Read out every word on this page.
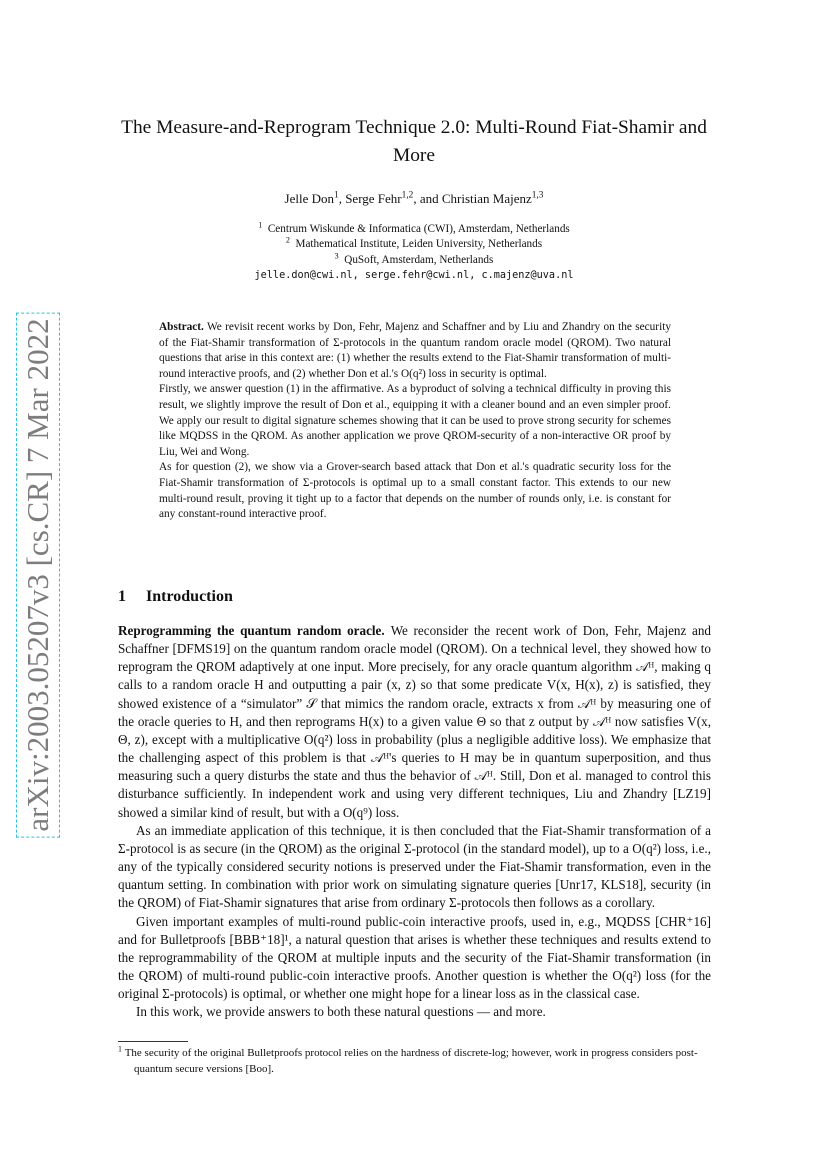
arXiv:2003.05207v3 [cs.CR] 7 Mar 2022
The Measure-and-Reprogram Technique 2.0: Multi-Round Fiat-Shamir and More
Jelle Don$^1$, Serge Fehr$^{1,2}$, and Christian Majenz$^{1,3}$
$^1$ Centrum Wiskunde & Informatica (CWI), Amsterdam, Netherlands
$^2$ Mathematical Institute, Leiden University, Netherlands
$^3$ QuSoft, Amsterdam, Netherlands
jelle.don@cwi.nl, serge.fehr@cwi.nl, c.majenz@uva.nl

Abstract. We revisit recent works by Don, Fehr, Majenz and Schaffner and by Liu and Zhandry on the security of the Fiat-Shamir transformation of Σ-protocols in the quantum random oracle model (QROM). Two natural questions that arise in this context are: (1) whether the results extend to the Fiat-Shamir transformation of multi-round interactive proofs, and (2) whether Don et al.'s O(q²) loss in security is optimal.

Firstly, we answer question (1) in the affirmative. As a byproduct of solving a technical difficulty in proving this result, we slightly improve the result of Don et al., equipping it with a cleaner bound and an even simpler proof. We apply our result to digital signature schemes showing that it can be used to prove strong security for schemes like MQDSS in the QROM. As another application we prove QROM-security of a non-interactive OR proof by Liu, Wei and Wong.

As for question (2), we show via a Grover-search based attack that Don et al.'s quadratic security loss for the Fiat-Shamir transformation of Σ-protocols is optimal up to a small constant factor. This extends to our new multi-round result, proving it tight up to a factor that depends on the number of rounds only, i.e. is constant for any constant-round interactive proof.

1 Introduction

Reprogramming the quantum random oracle. We reconsider the recent work of Don, Fehr, Majenz and Schaffner [DFMS19] on the quantum random oracle model (QROM). On a technical level, they showed how to reprogram the QROM adaptively at one input. More precisely, for any oracle quantum algorithm 𝒜ᴴ, making q calls to a random oracle H and outputting a pair (x, z) so that some predicate V(x, H(x), z) is satisfied, they showed existence of a “simulator” 𝒮 that mimics the random oracle, extracts x from 𝒜ᴴ by measuring one of the oracle queries to H, and then reprograms H(x) to a given value Θ so that z output by 𝒜ᴴ now satisfies V(x, Θ, z), except with a multiplicative O(q²) loss in probability (plus a negligible additive loss). We emphasize that the challenging aspect of this problem is that 𝒜ᴴ's queries to H may be in quantum superposition, and thus measuring such a query disturbs the state and thus the behavior of 𝒜ᴴ. Still, Don et al. managed to control this disturbance sufficiently. In independent work and using very different techniques, Liu and Zhandry [LZ19] showed a similar kind of result, but with a O(q⁹) loss.

As an immediate application of this technique, it is then concluded that the Fiat-Shamir transformation of a Σ-protocol is as secure (in the QROM) as the original Σ-protocol (in the standard model), up to a O(q²) loss, i.e., any of the typically considered security notions is preserved under the Fiat-Shamir transformation, even in the quantum setting. In combination with prior work on simulating signature queries [Unr17, KLS18], security (in the QROM) of Fiat-Shamir signatures that arise from ordinary Σ-protocols then follows as a corollary.

Given important examples of multi-round public-coin interactive proofs, used in, e.g., MQDSS [CHR⁺16] and for Bulletproofs [BBB⁺18]¹, a natural question that arises is whether these techniques and results extend to the reprogrammability of the QROM at multiple inputs and the security of the Fiat-Shamir transformation (in the QROM) of multi-round public-coin interactive proofs. Another question is whether the O(q²) loss (for the original Σ-protocols) is optimal, or whether one might hope for a linear loss as in the classical case.

In this work, we provide answers to both these natural questions — and more.

$^1$ The security of the original Bulletproofs protocol relies on the hardness of discrete-log; however, work in progress considers post-quantum secure versions [Boo].
